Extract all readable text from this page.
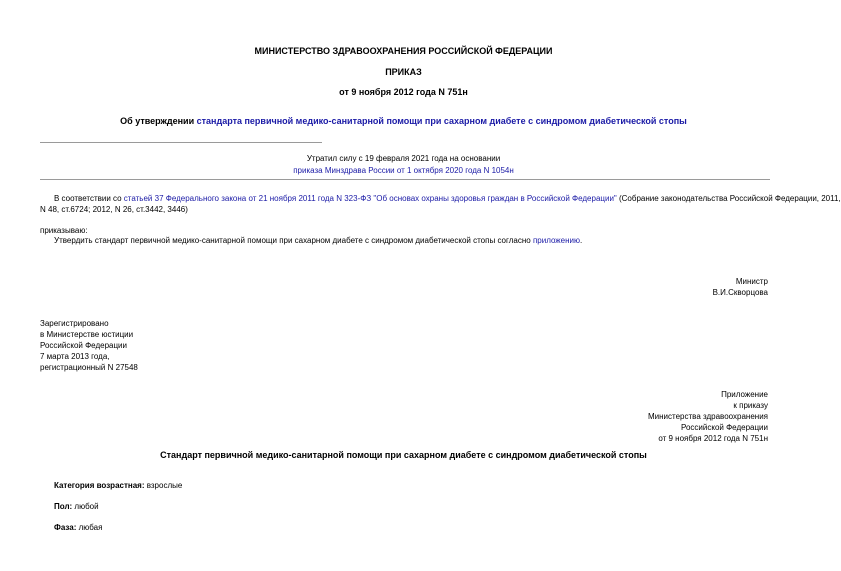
МИНИСТЕРСТВО ЗДРАВООХРАНЕНИЯ РОССИЙСКОЙ ФЕДЕРАЦИИ
ПРИКАЗ
от 9 ноября 2012 года N 751н
Об утверждении стандарта первичной медико-санитарной помощи при сахарном диабете с синдромом диабетической стопы
Утратил силу с 19 февраля 2021 года на основании
приказа Минздрава России от 1 октября 2020 года N 1054н
В соответствии со статьей 37 Федерального закона от 21 ноября 2011 года N 323-ФЗ "Об основах охраны здоровья граждан в Российской Федерации" (Собрание законодательства Российской Федерации, 2011,
N 48, ст.6724; 2012, N 26, ст.3442, 3446)
приказываю:
Утвердить стандарт первичной медико-санитарной помощи при сахарном диабете с синдромом диабетической стопы согласно приложению.
Министр
В.И.Скворцова
Зарегистрировано
в Министерстве юстиции
Российской Федерации
7 марта 2013 года,
регистрационный N 27548
Приложение
к приказу
Министерства здравоохранения
Российской Федерации
от 9 ноября 2012 года N 751н
Стандарт первичной медико-санитарной помощи при сахарном диабете с синдромом диабетической стопы
Категория возрастная: взрослые
Пол: любой
Фаза: любая
